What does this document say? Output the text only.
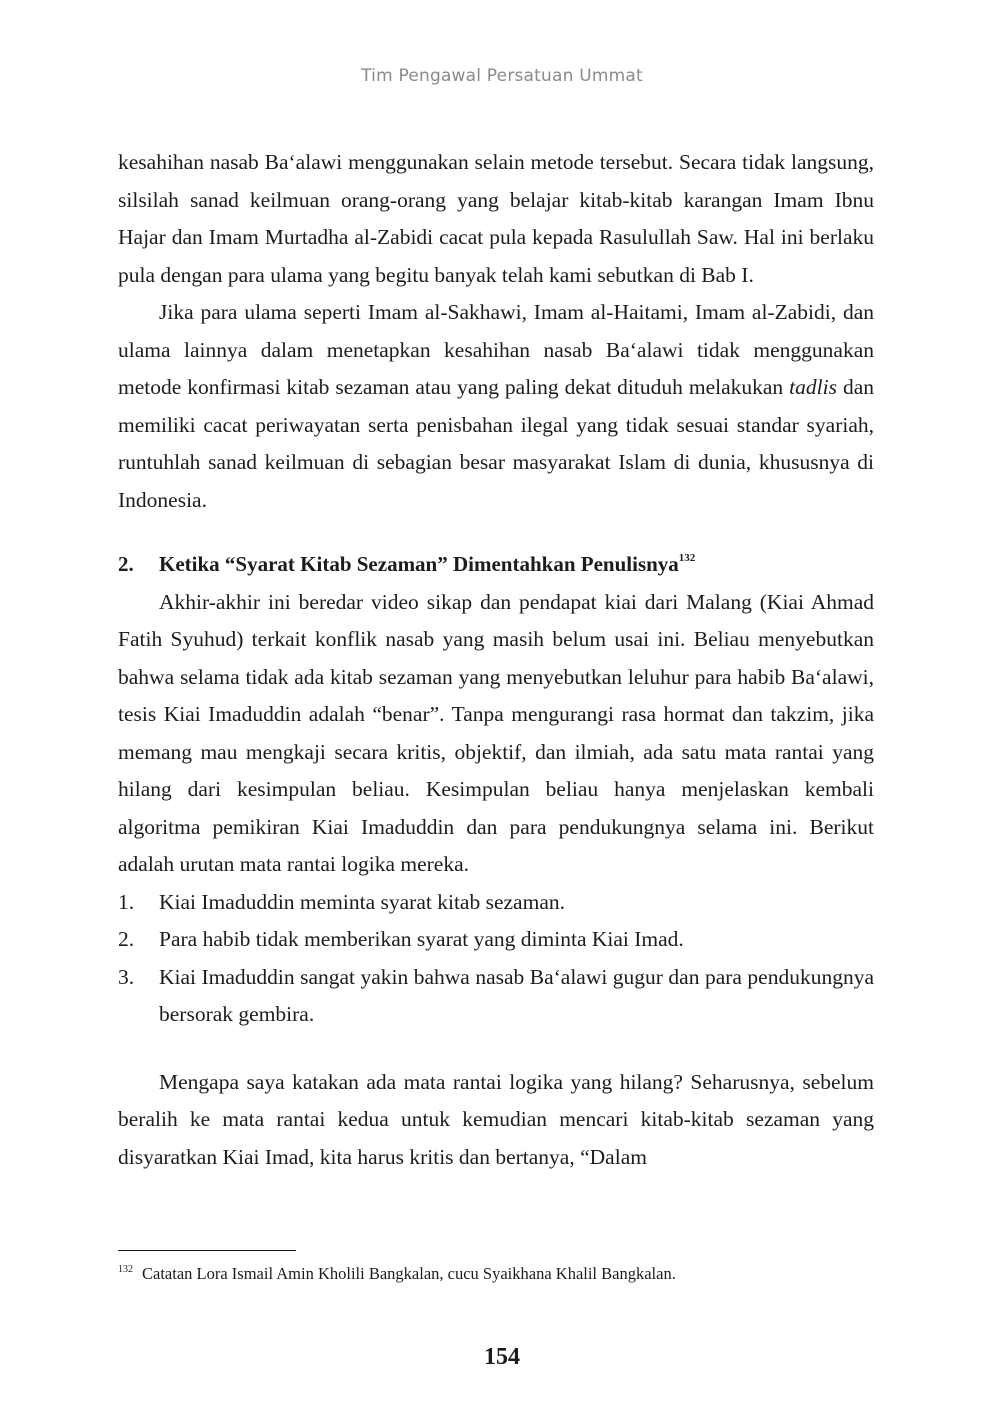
Tim Pengawal Persatuan Ummat

kesahihan nasab Ba‘alawi menggunakan selain metode tersebut. Secara tidak langsung, silsilah sanad keilmuan orang-orang yang belajar kitab-kitab karangan Imam Ibnu Hajar dan Imam Murtadha al-Zabidi cacat pula kepada Rasulullah Saw. Hal ini berlaku pula dengan para ulama yang begitu banyak telah kami sebutkan di Bab I.

Jika para ulama seperti Imam al-Sakhawi, Imam al-Haitami, Imam al-Zabidi, dan ulama lainnya dalam menetapkan kesahihan nasab Ba‘alawi tidak menggunakan metode konfirmasi kitab sezaman atau yang paling dekat dituduh melakukan tadlis dan memiliki cacat periwayatan serta penisbahan ilegal yang tidak sesuai standar syariah, runtuhlah sanad keilmuan di sebagian besar masyarakat Islam di dunia, khususnya di Indonesia.

2.	Ketika “Syarat Kitab Sezaman” Dimentahkan Penulisnya$^{132}$

Akhir-akhir ini beredar video sikap dan pendapat kiai dari Malang (Kiai Ahmad Fatih Syuhud) terkait konflik nasab yang masih belum usai ini. Beliau menyebutkan bahwa selama tidak ada kitab sezaman yang menyebutkan leluhur para habib Ba‘alawi, tesis Kiai Imaduddin adalah “benar”. Tanpa mengurangi rasa hormat dan takzim, jika memang mau mengkaji secara kritis, objektif, dan ilmiah, ada satu mata rantai yang hilang dari kesimpulan beliau. Kesimpulan beliau hanya menjelaskan kembali algoritma pemikiran Kiai Imaduddin dan para pendukungnya selama ini. Berikut adalah urutan mata rantai logika mereka.

1.	Kiai Imaduddin meminta syarat kitab sezaman.
2.	Para habib tidak memberikan syarat yang diminta Kiai Imad.
3.	Kiai Imaduddin sangat yakin bahwa nasab Ba‘alawi gugur dan para pendukungnya bersorak gembira.

Mengapa saya katakan ada mata rantai logika yang hilang? Seharusnya, sebelum beralih ke mata rantai kedua untuk kemudian mencari kitab-kitab sezaman yang disyaratkan Kiai Imad, kita harus kritis dan bertanya, “Dalam

$^{132}$ Catatan Lora Ismail Amin Kholili Bangkalan, cucu Syaikhana Khalil Bangkalan.
154
